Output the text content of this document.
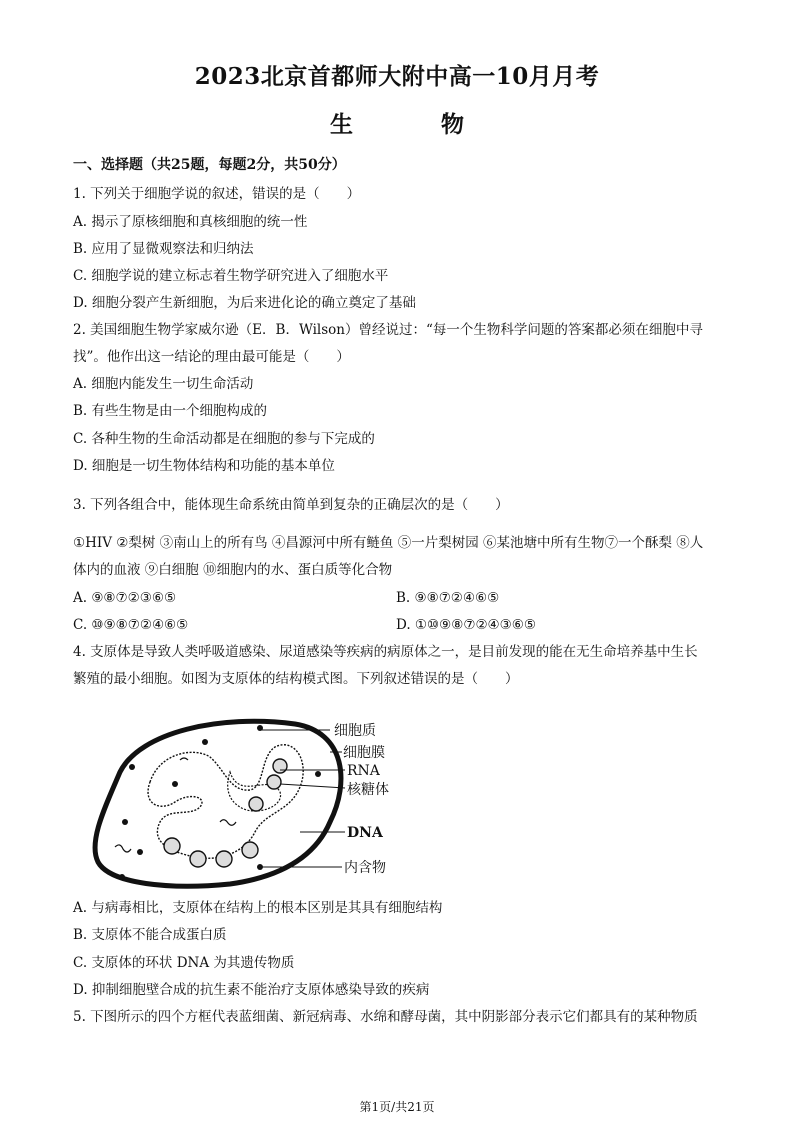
2023北京首都师大附中高一10月月考
生 物
一、选择题（共25题，每题2分，共50分）
1. 下列关于细胞学说的叙述，错误的是（　　）
A. 揭示了原核细胞和真核细胞的统一性
B. 应用了显微观察法和归纳法
C. 细胞学说的建立标志着生物学研究进入了细胞水平
D. 细胞分裂产生新细胞，为后来进化论的确立奠定了基础
2. 美国细胞生物学家威尔逊（E．B．Wilson）曾经说过：“每一个生物科学问题的答案都必须在细胞中寻
找”。他作出这一结论的理由最可能是（　　）
A. 细胞内能发生一切生命活动
B. 有些生物是由一个细胞构成的
C. 各种生物的生命活动都是在细胞的参与下完成的
D. 细胞是一切生物体结构和功能的基本单位
3. 下列各组合中，能体现生命系统由简单到复杂的正确层次的是（　　）
①HIV ②梨树 ③南山上的所有鸟 ④昌源河中所有鲢鱼 ⑤一片梨树园 ⑥某池塘中所有生物⑦一个酥梨 ⑧人
体内的血液 ⑨白细胞 ⑩细胞内的水、蛋白质等化合物
A. ⑨⑧⑦②③⑥⑤	B. ⑨⑧⑦②④⑥⑤
C. ⑩⑨⑧⑦②④⑥⑤	D. ①⑩⑨⑧⑦②④③⑥⑤
4. 支原体是导致人类呼吸道感染、尿道感染等疾病的病原体之一，是目前发现的能在无生命培养基中生长
繁殖的最小细胞。如图为支原体的结构模式图。下列叙述错误的是（　　）
细胞质
细胞膜
RNA
核糖体
DNA
内含物
A. 与病毒相比，支原体在结构上的根本区别是其具有细胞结构
B. 支原体不能合成蛋白质
C. 支原体的环状 DNA 为其遗传物质
D. 抑制细胞壁合成的抗生素不能治疗支原体感染导致的疾病
5. 下图所示的四个方框代表蓝细菌、新冠病毒、水绵和酵母菌，其中阴影部分表示它们都具有的某种物质
第1页/共21页
